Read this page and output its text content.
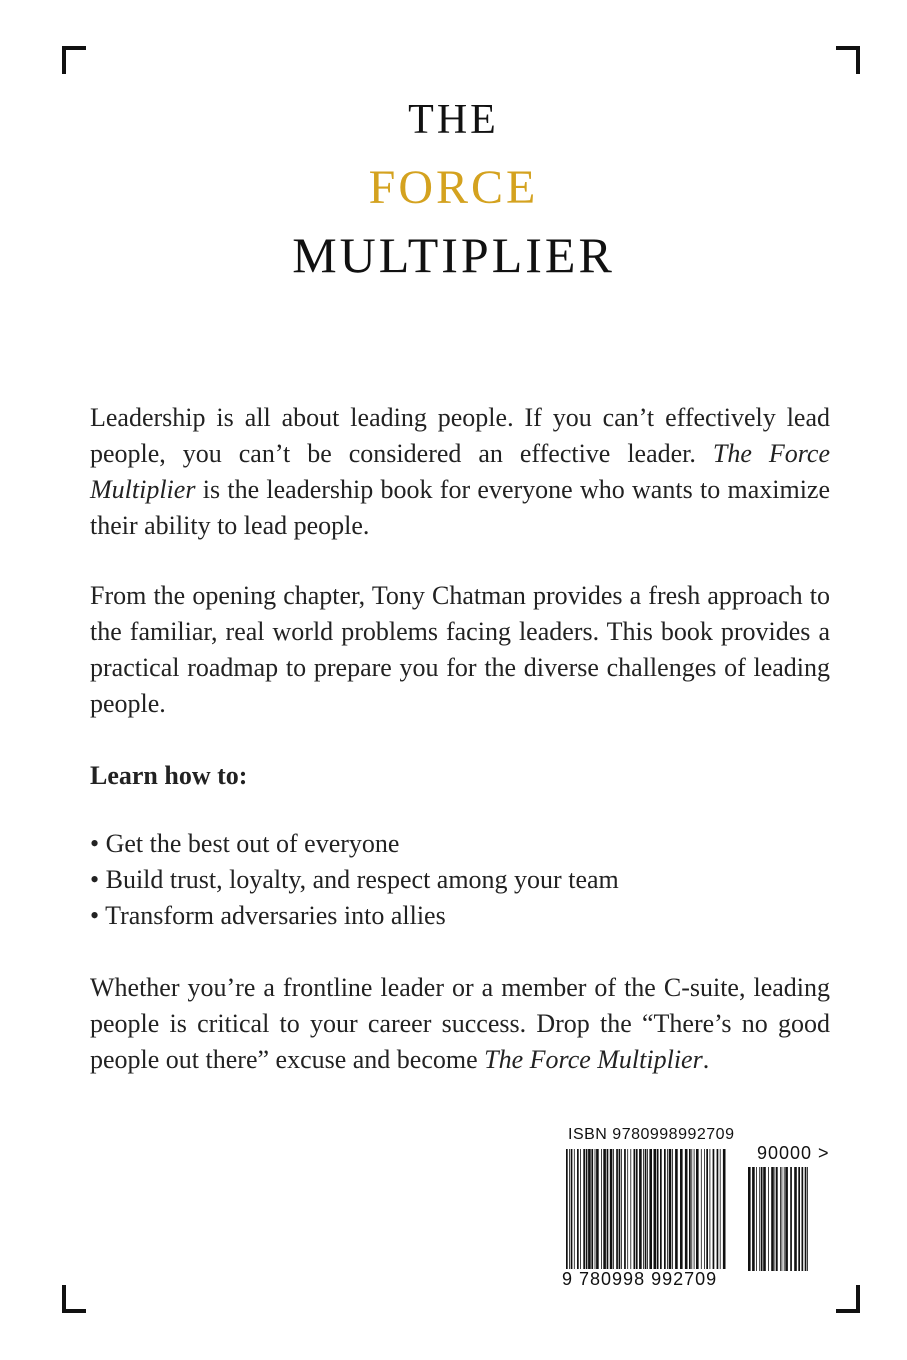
THE
FORCE
MULTIPLIER

Leadership is all about leading people. If you can’t effectively lead people, you can’t be considered an effective leader. The Force Multiplier is the leadership book for everyone who wants to maximize their ability to lead people.

From the opening chapter, Tony Chatman provides a fresh approach to the familiar, real world problems facing leaders. This book provides a practical roadmap to prepare you for the diverse challenges of leading people.

Learn how to:
• Get the best out of everyone
• Build trust, loyalty, and respect among your team
• Transform adversaries into allies

Whether you’re a frontline leader or a member of the C-suite, leading people is critical to your career success. Drop the “There’s no good people out there” excuse and become The Force Multiplier.

ISBN 9780998992709
90000 >
9 780998 992709
